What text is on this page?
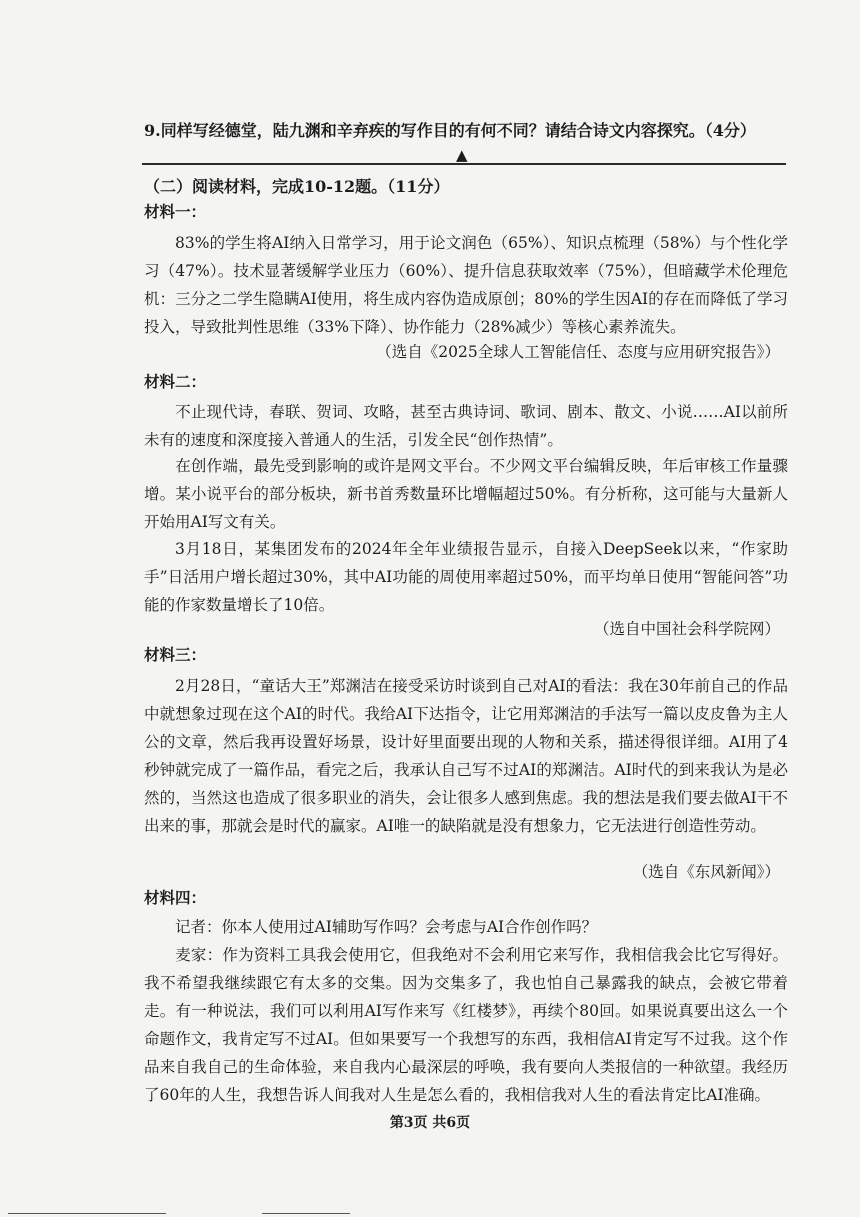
9.同样写经德堂，陆九渊和辛弃疾的写作目的有何不同？请结合诗文内容探究。（4分）
▲
（二）阅读材料，完成10-12题。（11分）
材料一：
83%的学生将AI纳入日常学习，用于论文润色（65%）、知识点梳理（58%）与个性化学习（47%）。技术显著缓解学业压力（60%）、提升信息获取效率（75%），但暗藏学术伦理危机：三分之二学生隐瞒AI使用，将生成内容伪造成原创；80%的学生因AI的存在而降低了学习投入，导致批判性思维（33%下降）、协作能力（28%减少）等核心素养流失。
（选自《2025全球人工智能信任、态度与应用研究报告》）
材料二：
不止现代诗，春联、贺词、攻略，甚至古典诗词、歌词、剧本、散文、小说……AI以前所未有的速度和深度接入普通人的生活，引发全民“创作热情”。
在创作端，最先受到影响的或许是网文平台。不少网文平台编辑反映，年后审核工作量骤增。某小说平台的部分板块，新书首秀数量环比增幅超过50%。有分析称，这可能与大量新人开始用AI写文有关。
3月18日，某集团发布的2024年全年业绩报告显示，自接入DeepSeek以来，“作家助手”日活用户增长超过30%，其中AI功能的周使用率超过50%，而平均单日使用“智能问答”功能的作家数量增长了10倍。
（选自中国社会科学院网）
材料三：
2月28日，“童话大王”郑渊洁在接受采访时谈到自己对AI的看法：我在30年前自己的作品中就想象过现在这个AI的时代。我给AI下达指令，让它用郑渊洁的手法写一篇以皮皮鲁为主人公的文章，然后我再设置好场景，设计好里面要出现的人物和关系，描述得很详细。AI用了4秒钟就完成了一篇作品，看完之后，我承认自己写不过AI的郑渊洁。AI时代的到来我认为是必然的，当然这也造成了很多职业的消失，会让很多人感到焦虑。我的想法是我们要去做AI干不出来的事，那就会是时代的赢家。AI唯一的缺陷就是没有想象力，它无法进行创造性劳动。
（选自《东风新闻》）
材料四：
记者：你本人使用过AI辅助写作吗？会考虑与AI合作创作吗？
麦家：作为资料工具我会使用它，但我绝对不会利用它来写作，我相信我会比它写得好。我不希望我继续跟它有太多的交集。因为交集多了，我也怕自己暴露我的缺点，会被它带着走。有一种说法，我们可以利用AI写作来写《红楼梦》，再续个80回。如果说真要出这么一个命题作文，我肯定写不过AI。但如果要写一个我想写的东西，我相信AI肯定写不过我。这个作品来自我自己的生命体验，来自我内心最深层的呼唤，我有要向人类报信的一种欲望。我经历了60年的人生，我想告诉人间我对人生是怎么看的，我相信我对人生的看法肯定比AI准确。
第3页 共6页
